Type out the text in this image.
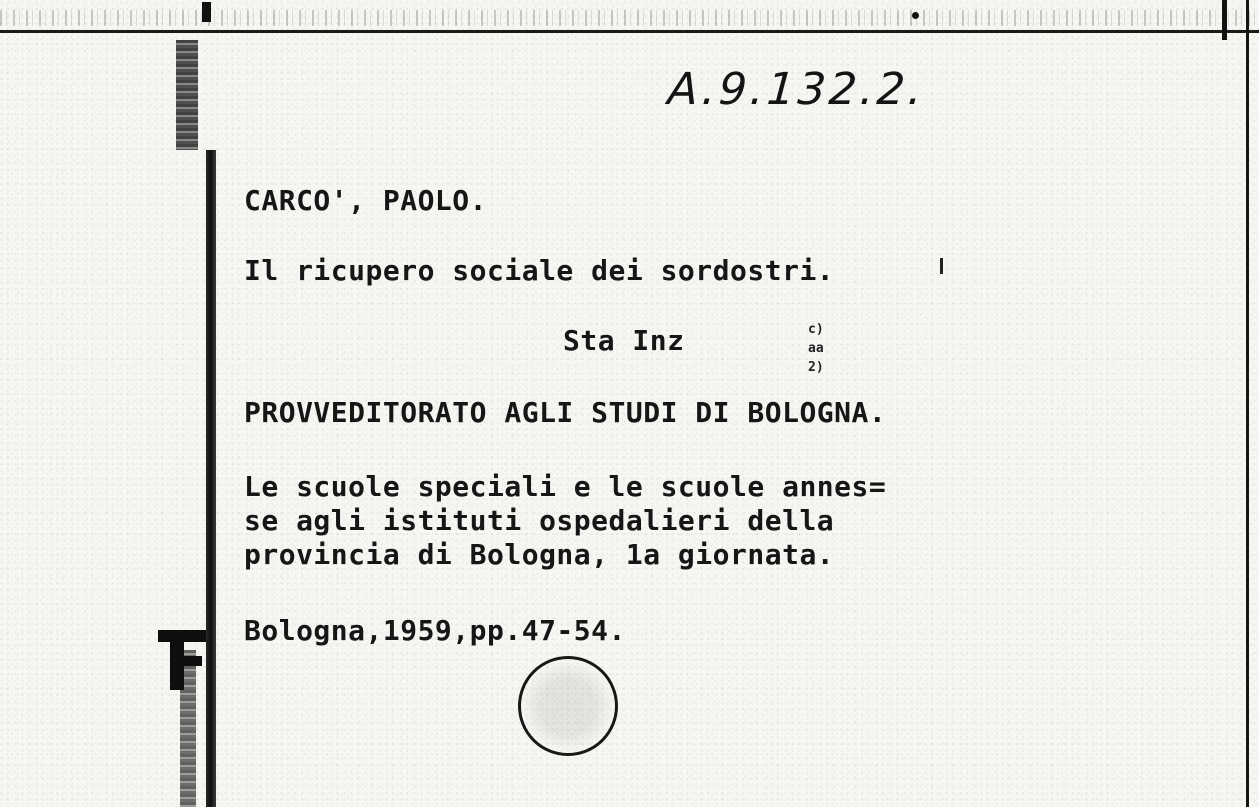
A.9.132.2.
CARCO', PAOLO.
Il ricupero sociale dei sordostri.
Sta Inz	c)
aa
2)
PROVVEDITORATO AGLI STUDI DI BOLOGNA.
Le scuole speciali e le scuole annes=
se agli istituti ospedalieri della
provincia di Bologna, 1a giornata.
Bologna,1959,pp.47-54.
